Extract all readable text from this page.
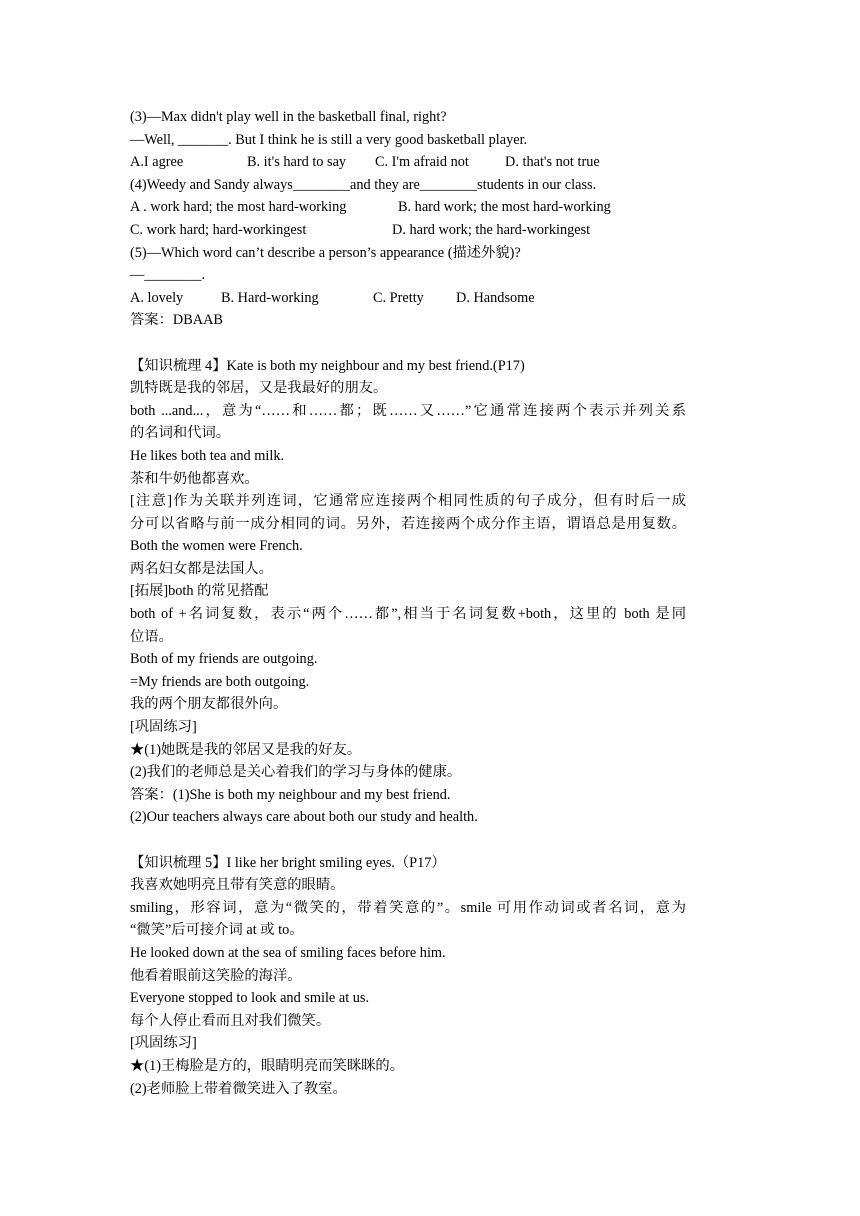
(3)—Max didn't play well in the basketball final, right?
—Well, _______. But I think he is still a very good basketball player.
A.I agree	B. it's hard to say C. I'm afraid not	D. that's not true
(4)Weedy and Sandy always________and they are________students in our class.
A . work hard; the most hard-working	B. hard work; the most hard-working
C. work hard; hard-workingest	D. hard work; the hard-workingest
(5)—Which word can’t describe a person’s appearance (描述外貌)?
—________.
A. lovely	B. Hard-working	C. Pretty D. Handsome
答案：DBAAB
【知识梳理 4】Kate is both my neighbour and my best friend.(P17)
凯特既是我的邻居，又是我最好的朋友。
both ...and...，意为“……和……都；既……又……”它通常连接两个表示并列关系
的名词和代词。
He likes both tea and milk.
茶和牛奶他都喜欢。
[注意]作为关联并列连词，它通常应连接两个相同性质的句子成分，但有时后一成
分可以省略与前一成分相同的词。另外，若连接两个成分作主语，谓语总是用复数。
Both the women were French.
两名妇女都是法国人。
[拓展]both 的常见搭配
both of +名词复数，表示“两个……都”,相当于名词复数+both，这里的 both 是同
位语。
Both of my friends are outgoing.
=My friends are both outgoing.
我的两个朋友都很外向。
[巩固练习]
★(1)她既是我的邻居又是我的好友。
(2)我们的老师总是关心着我们的学习与身体的健康。
答案：(1)She is both my neighbour and my best friend.
(2)Our teachers always care about both our study and health.
【知识梳理 5】I like her bright smiling eyes.（P17）
我喜欢她明亮且带有笑意的眼睛。
smiling，形容词，意为“微笑的，带着笑意的”。smile 可用作动词或者名词，意为
“微笑”后可接介词 at 或 to。
He looked down at the sea of smiling faces before him.
他看着眼前这笑脸的海洋。
Everyone stopped to look and smile at us.
每个人停止看而且对我们微笑。
[巩固练习]
★(1)王梅脸是方的，眼睛明亮而笑眯眯的。
(2)老师脸上带着微笑进入了教室。
